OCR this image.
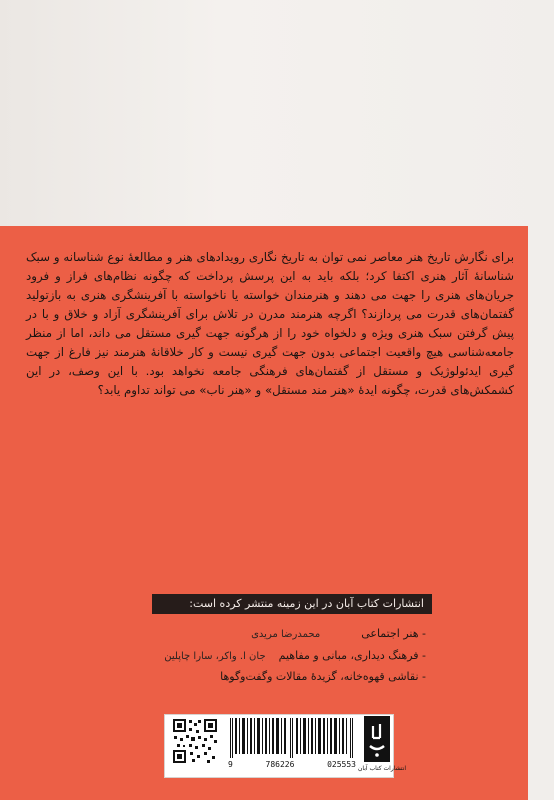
برای نگارش تاریخ هنر معاصر نمی توان به تاریخ نگاری رویدادهای هنر و مطالعهٔ نوع شناسانه و سبک شناسانهٔ آثار هنری اکتفا کرد؛ بلکه باید به این پرسش پرداخت که چگونه نظام‌های فراز و فرود جریان‌های هنری را جهت می دهند و هنرمندان خواسته یا ناخواسته با آفرینشگری هنری به بازتولید گفتمان‌های قدرت می پردازند؟ اگرچه هنرمند مدرن در تلاش برای آفرینشگری آزاد و خلاق و با در پیش گرفتن سبک هنری ویژه و دلخواه خود را از هرگونه جهت گیری مستقل می داند، اما از منظر جامعه‌شناسی هیچ واقعیت اجتماعی بدون جهت گیری نیست و کار خلاقانهٔ هنرمند نیز فارغ از جهت گیری ایدئولوژیک و مستقل از گفتمان‌های فرهنگی جامعه نخواهد بود. با این وصف، در این کشمکش‌های قدرت، چگونه ایدهٔ «هنر مند مستقل» و «هنر ناب» می تواند تداوم یابد؟

انتشارات کتاب آبان در این زمینه منتشر کرده است:
- هنر اجتماعی  محمدرضا مریدی
- فرهنگ دیداری، مبانی و مفاهیم  جان ا. واکر، سارا چاپلین
- نقاشی قهوه‌خانه، گزیدهٔ مقالات وگفت‌وگوها
9	786226	025553 انتشارات کتاب آبان
